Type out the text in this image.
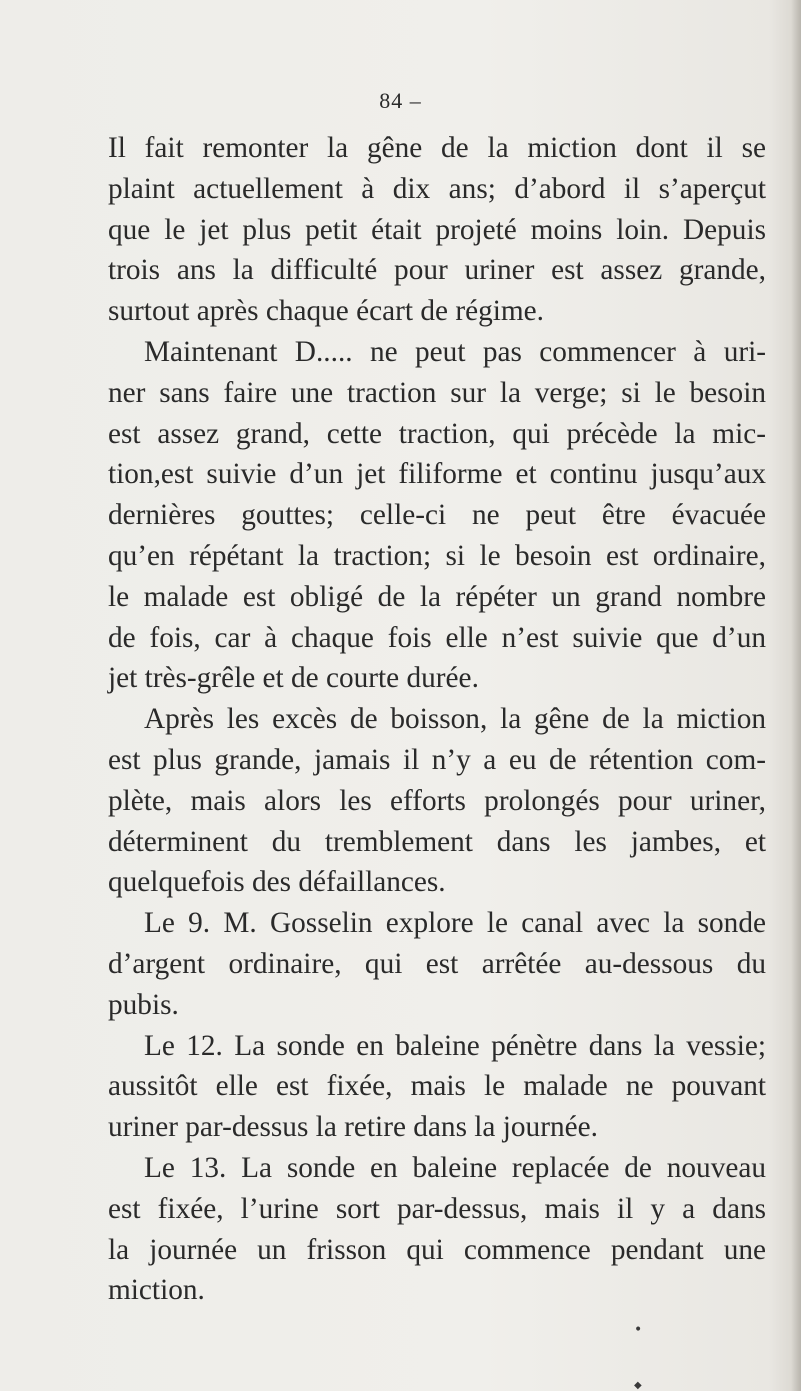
84 –
Il fait remonter la gêne de la miction dont il se
plaint actuellement à dix ans; d’abord il s’aperçut
que le jet plus petit était projeté moins loin. Depuis
trois ans la difficulté pour uriner est assez grande,
surtout après chaque écart de régime.
Maintenant D..... ne peut pas commencer à uri-
ner sans faire une traction sur la verge; si le besoin
est assez grand, cette traction, qui précède la mic-
tion,est suivie d’un jet filiforme et continu jusqu’aux
dernières gouttes; celle-ci ne peut être évacuée
qu’en répétant la traction; si le besoin est ordinaire,
le malade est obligé de la répéter un grand nombre
de fois, car à chaque fois elle n’est suivie que d’un
jet très-grêle et de courte durée.
Après les excès de boisson, la gêne de la miction
est plus grande, jamais il n’y a eu de rétention com-
plète, mais alors les efforts prolongés pour uriner,
déterminent du tremblement dans les jambes, et
quelquefois des défaillances.
Le 9. M. Gosselin explore le canal avec la sonde
d’argent ordinaire, qui est arrêtée au-dessous du
pubis.
Le 12. La sonde en baleine pénètre dans la vessie;
aussitôt elle est fixée, mais le malade ne pouvant
uriner par-dessus la retire dans la journée.
Le 13. La sonde en baleine replacée de nouveau
est fixée, l’urine sort par-dessus, mais il y a dans
la journée un frisson qui commence pendant une
miction.
•
◆
